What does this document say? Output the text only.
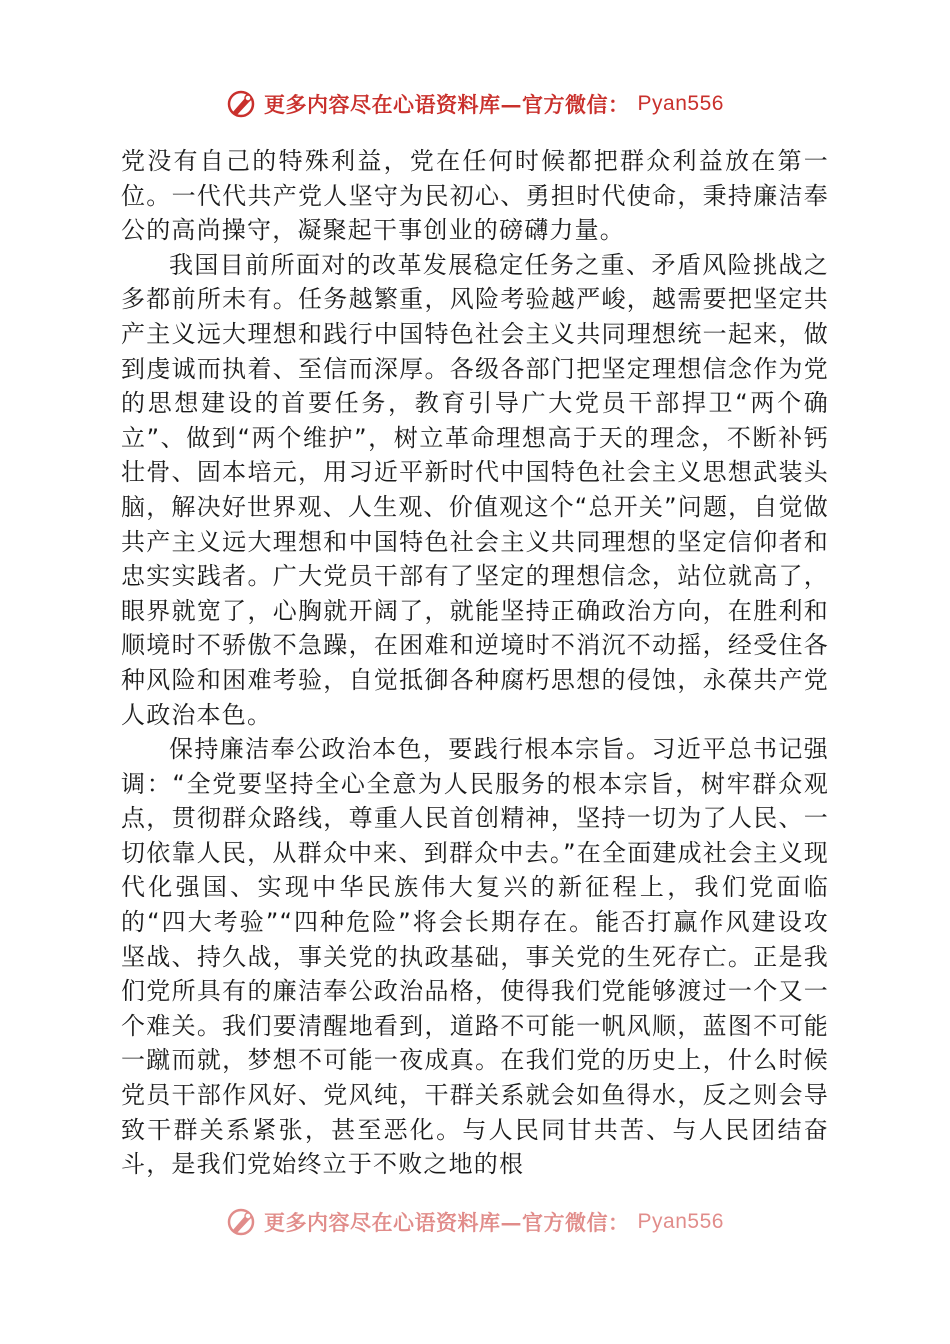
更多内容尽在心语资料库—官方微信： Pyan556

党没有自己的特殊利益，党在任何时候都把群众利益放在第一位。一代代共产党人坚守为民初心、勇担时代使命，秉持廉洁奉公的高尚操守，凝聚起干事创业的磅礴力量。

我国目前所面对的改革发展稳定任务之重、矛盾风险挑战之多都前所未有。任务越繁重，风险考验越严峻，越需要把坚定共产主义远大理想和践行中国特色社会主义共同理想统一起来，做到虔诚而执着、至信而深厚。各级各部门把坚定理想信念作为党的思想建设的首要任务，教育引导广大党员干部捍卫“两个确立”、做到“两个维护”，树立革命理想高于天的理念，不断补钙壮骨、固本培元，用习近平新时代中国特色社会主义思想武装头脑，解决好世界观、人生观、价值观这个“总开关”问题，自觉做共产主义远大理想和中国特色社会主义共同理想的坚定信仰者和忠实实践者。广大党员干部有了坚定的理想信念，站位就高了，眼界就宽了，心胸就开阔了，就能坚持正确政治方向，在胜利和顺境时不骄傲不急躁，在困难和逆境时不消沉不动摇，经受住各种风险和困难考验，自觉抵御各种腐朽思想的侵蚀，永葆共产党人政治本色。

保持廉洁奉公政治本色，要践行根本宗旨。习近平总书记强调：“全党要坚持全心全意为人民服务的根本宗旨，树牢群众观点，贯彻群众路线，尊重人民首创精神，坚持一切为了人民、一切依靠人民，从群众中来、到群众中去。”在全面建成社会主义现代化强国、实现中华民族伟大复兴的新征程上，我们党面临的“四大考验”“四种危险”将会长期存在。能否打赢作风建设攻坚战、持久战，事关党的执政基础，事关党的生死存亡。正是我们党所具有的廉洁奉公政治品格，使得我们党能够渡过一个又一个难关。我们要清醒地看到，道路不可能一帆风顺，蓝图不可能一蹴而就，梦想不可能一夜成真。在我们党的历史上，什么时候党员干部作风好、党风纯，干群关系就会如鱼得水，反之则会导致干群关系紧张，甚至恶化。与人民同甘共苦、与人民团结奋斗，是我们党始终立于不败之地的根

更多内容尽在心语资料库—官方微信： Pyan556
